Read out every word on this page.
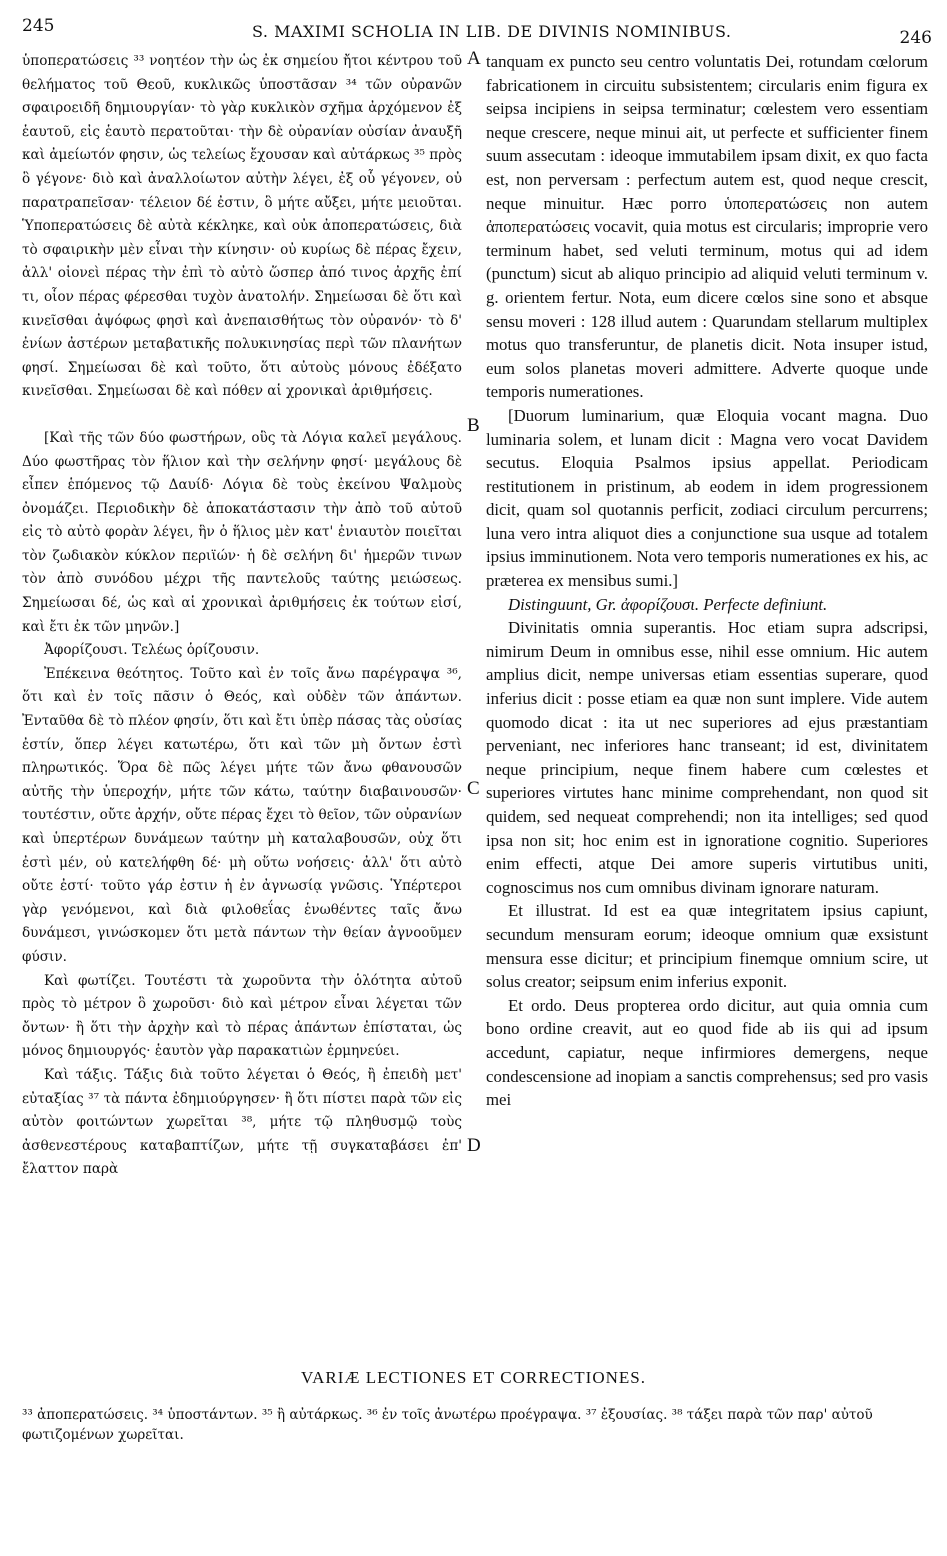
245	S. MAXIMI SCHOLIA IN LIB. DE DIVINIS NOMINIBUS.	246

ὑποπερατώσεις ³³ νοητέον τὴν ὡς ἐκ σημείου ἤτοι κέντρου τοῦ θελήματος τοῦ Θεοῦ, κυκλικῶς ὑποστᾶσαν ³⁴ τῶν οὐρανῶν σφαιροειδῆ δημιουργίαν· τὸ γὰρ κυκλικὸν σχῆμα ἀρχόμενον ἐξ ἑαυτοῦ, εἰς ἑαυτὸ περατοῦται· τὴν δὲ οὐρανίαν οὐσίαν ἀναυξῆ καὶ ἀμείωτόν φησιν, ὡς τελείως ἔχουσαν καὶ αὐτάρκως ³⁵ πρὸς ὃ γέγονε· διὸ καὶ ἀναλλοίωτον αὐτὴν λέγει, ἐξ οὗ γέγονεν, οὐ παρατραπεῖσαν· τέλειον δέ ἐστιν, ὃ μήτε αὔξει, μήτε μειοῦται. Ὑποπερατώσεις δὲ αὐτὰ κέκληκε, καὶ οὐκ ἀποπερατώσεις, διὰ τὸ σφαιρικὴν μὲν εἶναι τὴν κίνησιν· οὐ κυρίως δὲ πέρας ἔχειν, ἀλλ' οἱονεὶ πέρας τὴν ἐπὶ τὸ αὐτὸ ὥσπερ ἀπό τινος ἀρχῆς ἐπί τι, οἷον πέρας φέρεσθαι τυχὸν ἀνατολήν. Σημείωσαι δὲ ὅτι καὶ κινεῖσθαι ἀψόφως φησὶ καὶ ἀνεπαισθήτως τὸν οὐρανόν· τὸ δ' ἐνίων ἀστέρων μεταβατικῆς πολυκινησίας περὶ τῶν πλανήτων φησί. Σημείωσαι δὲ καὶ τοῦτο, ὅτι αὐτοὺς μόνους ἐδέξατο κινεῖσθαι. Σημείωσαι δὲ καὶ πόθεν αἱ χρονικαὶ ἀριθμήσεις.

[Καὶ τῆς τῶν δύο φωστήρων, οὓς τὰ Λόγια καλεῖ μεγάλους. Δύο φωστῆρας τὸν ἥλιον καὶ τὴν σελήνην φησί· μεγάλους δὲ εἶπεν ἑπόμενος τῷ Δαυίδ· Λόγια δὲ τοὺς ἐκείνου Ψαλμοὺς ὀνομάζει. Περιοδικὴν δὲ ἀποκατάστασιν τὴν ἀπὸ τοῦ αὐτοῦ εἰς τὸ αὐτὸ φορὰν λέγει, ἣν ὁ ἥλιος μὲν κατ' ἐνιαυτὸν ποιεῖται τὸν ζωδιακὸν κύκλον περιϊών· ἡ δὲ σελήνη δι' ἡμερῶν τινων τὸν ἀπὸ συνόδου μέχρι τῆς παντελοῦς ταύτης μειώσεως. Σημείωσαι δέ, ὡς καὶ αἱ χρονικαὶ ἀριθμήσεις ἐκ τούτων εἰσί, καὶ ἔτι ἐκ τῶν μηνῶν.]

Ἀφορίζουσι. Τελέως ὁρίζουσιν.

Ἐπέκεινα θεότητος. Τοῦτο καὶ ἐν τοῖς ἄνω παρέγραψα ³⁶, ὅτι καὶ ἐν τοῖς πᾶσιν ὁ Θεός, καὶ οὐδὲν τῶν ἁπάντων. Ἐνταῦθα δὲ τὸ πλέον φησίν, ὅτι καὶ ἔτι ὑπὲρ πάσας τὰς οὐσίας ἐστίν, ὅπερ λέγει κατωτέρω, ὅτι καὶ τῶν μὴ ὄντων ἐστὶ πληρωτικός. Ὅρα δὲ πῶς λέγει μήτε τῶν ἄνω φθανουσῶν αὐτῆς τὴν ὑπεροχήν, μήτε τῶν κάτω, ταύτην διαβαινουσῶν· τουτέστιν, οὔτε ἀρχήν, οὔτε πέρας ἔχει τὸ θεῖον, τῶν οὐρανίων καὶ ὑπερτέρων δυνάμεων ταύτην μὴ καταλαβουσῶν, οὐχ ὅτι ἐστὶ μέν, οὐ κατελήφθη δέ· μὴ οὕτω νοήσεις· ἀλλ' ὅτι αὐτὸ οὔτε ἐστί· τοῦτο γάρ ἐστιν ἡ ἐν ἀγνωσίᾳ γνῶσις. Ὑπέρτεροι γὰρ γενόμενοι, καὶ διὰ φιλοθεΐας ἑνωθέντες ταῖς ἄνω δυνάμεσι, γινώσκομεν ὅτι μετὰ πάντων τὴν θείαν ἀγνοοῦμεν φύσιν.

Καὶ φωτίζει. Τουτέστι τὰ χωροῦντα τὴν ὁλότητα αὐτοῦ πρὸς τὸ μέτρον ὃ χωροῦσι· διὸ καὶ μέτρον εἶναι λέγεται τῶν ὄντων· ἢ ὅτι τὴν ἀρχὴν καὶ τὸ πέρας ἁπάντων ἐπίσταται, ὡς μόνος δημιουργός· ἑαυτὸν γὰρ παρακατιὼν ἑρμηνεύει.

Καὶ τάξις. Τάξις διὰ τοῦτο λέγεται ὁ Θεός, ἢ ἐπειδὴ μετ' εὐταξίας ³⁷ τὰ πάντα ἐδημιούργησεν· ἢ ὅτι πίστει παρὰ τῶν εἰς αὐτὸν φοιτώντων χωρεῖται ³⁸, μήτε τῷ πληθυσμῷ τοὺς ἀσθενεστέρους καταβαπτίζων, μήτε τῇ συγκαταβάσει ἐπ' ἔλαττον παρὰ

A
B
C
D

tanquam ex puncto seu centro voluntatis Dei, rotundam cœlorum fabricationem in circuitu subsistentem; circularis enim figura ex seipsa incipiens in seipsa terminatur; cœlestem vero essentiam neque crescere, neque minui ait, ut perfecte et sufficienter finem suum assecutam : ideoque immutabilem ipsam dixit, ex quo facta est, non perversam : perfectum autem est, quod neque crescit, neque minuitur. Hæc porro ὑποπερατώσεις non autem ἀποπερατώσεις vocavit, quia motus est circularis; improprie vero terminum habet, sed veluti terminum, motus qui ad idem (punctum) sicut ab aliquo principio ad aliquid veluti terminum v. g. orientem fertur. Nota, eum dicere cœlos sine sono et absque sensu moveri : 128 illud autem : Quarundam stellarum multiplex motus quo transferuntur, de planetis dicit. Nota insuper istud, eum solos planetas moveri admittere. Adverte quoque unde temporis numerationes.

[Duorum luminarium, quæ Eloquia vocant magna. Duo luminaria solem, et lunam dicit : Magna vero vocat Davidem secutus. Eloquia Psalmos ipsius appellat. Periodicam restitutionem in pristinum, ab eodem in idem progressionem dicit, quam sol quotannis perficit, zodiaci circulum percurrens; luna vero intra aliquot dies a conjunctione sua usque ad totalem ipsius imminutionem. Nota vero temporis numerationes ex his, ac præterea ex mensibus sumi.]

Distinguunt, Gr. ἀφορίζουσι. Perfecte definiunt.

Divinitatis omnia superantis. Hoc etiam supra adscripsi, nimirum Deum in omnibus esse, nihil esse omnium. Hic autem amplius dicit, nempe universas etiam essentias superare, quod inferius dicit : posse etiam ea quæ non sunt implere. Vide autem quomodo dicat : ita ut nec superiores ad ejus præstantiam perveniant, nec inferiores hanc transeant; id est, divinitatem neque principium, neque finem habere cum cœlestes et superiores virtutes hanc minime comprehendant, non quod sit quidem, sed nequeat comprehendi; non ita intelliges; sed quod ipsa non sit; hoc enim est in ignoratione cognitio. Superiores enim effecti, atque Dei amore superis virtutibus uniti, cognoscimus nos cum omnibus divinam ignorare naturam.

Et illustrat. Id est ea quæ integritatem ipsius capiunt, secundum mensuram eorum; ideoque omnium quæ exsistunt mensura esse dicitur; et principium finemque omnium scire, ut solus creator; seipsum enim inferius exponit.

Et ordo. Deus propterea ordo dicitur, aut quia omnia cum bono ordine creavit, aut eo quod fide ab iis qui ad ipsum accedunt, capiatur, neque infirmiores demergens, neque condescensione ad inopiam a sanctis comprehensus; sed pro vasis mei

VARIÆ LECTIONES ET CORRECTIONES.
³³ ἀποπερατώσεις. ³⁴ ὑποστάντων. ³⁵ ἢ αὐτάρκως. ³⁶ ἐν τοῖς ἀνωτέρω προέγραψα. ³⁷ ἐξουσίας. ³⁸ τάξει παρὰ τῶν παρ' αὐτοῦ φωτιζομένων χωρεῖται.
